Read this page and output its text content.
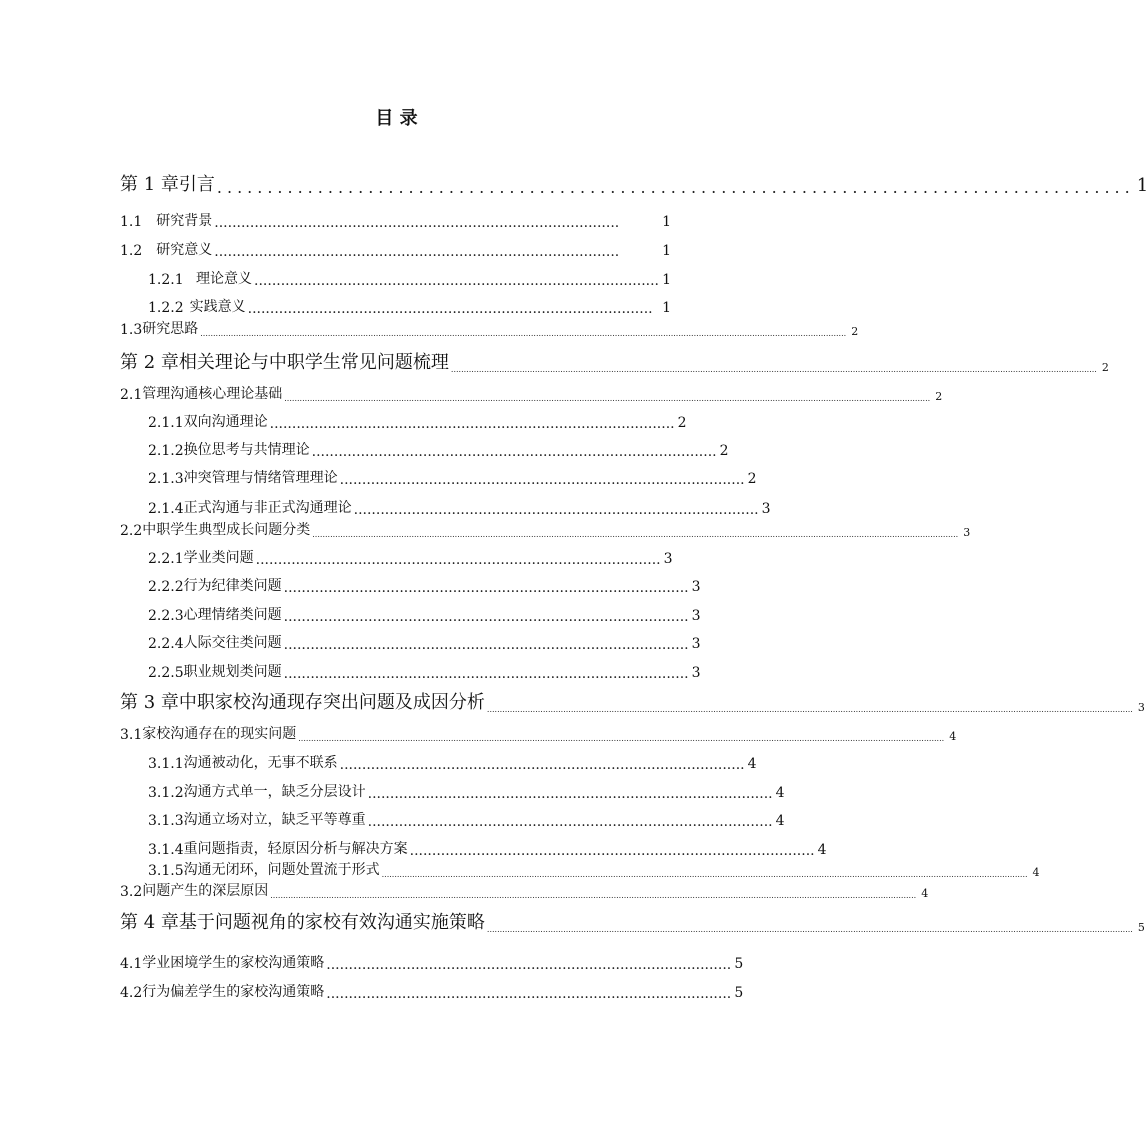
目 录
第 1 章 引言 ........................................................................................... 1
1.1 研究背景 ...........................................................................................	1
1.2 研究意义 ...........................................................................................	1
1.2.1 理论意义 ........................................................................................... 1
1.2.2 实践意义 ........................................................................................... 1
1.3 研究思路 .............................................................................................................................................................................................................................................................. 2
第 2 章 相关理论与中职学生常见问题梳理 .............................................................................................................................................................................................................................................................. 2
2.1 管理沟通核心理论基础 .............................................................................................................................................................................................................................................................. 2
2.1.1 双向沟通理论 ........................................................................................... 2
2.1.2 换位思考与共情理论 ........................................................................................... 2
2.1.3 冲突管理与情绪管理理论 ........................................................................................... 2
2.1.4 正式沟通与非正式沟通理论 ........................................................................................... 3
2.2 中职学生典型成长问题分类 .............................................................................................................................................................................................................................................................. 3
2.2.1 学业类问题 ........................................................................................... 3
2.2.2 行为纪律类问题 ........................................................................................... 3
2.2.3 心理情绪类问题 ........................................................................................... 3
2.2.4 人际交往类问题 ........................................................................................... 3
2.2.5 职业规划类问题 ........................................................................................... 3
第 3 章 中职家校沟通现存突出问题及成因分析 .............................................................................................................................................................................................................................................................. 3
3.1 家校沟通存在的现实问题 .............................................................................................................................................................................................................................................................. 4
3.1.1 沟通被动化，无事不联系 ........................................................................................... 4
3.1.2 沟通方式单一，缺乏分层设计 ........................................................................................... 4
3.1.3 沟通立场对立，缺乏平等尊重 ........................................................................................... 4
3.1.4 重问题指责，轻原因分析与解决方案 ........................................................................................... 4
3.1.5 沟通无闭环，问题处置流于形式 .............................................................................................................................................................................................................................................................. 4
3.2 问题产生的深层原因 .............................................................................................................................................................................................................................................................. 4
第 4 章 基于问题视角的家校有效沟通实施策略 .............................................................................................................................................................................................................................................................. 5
4.1 学业困境学生的家校沟通策略 ........................................................................................... 5
4.2 行为偏差学生的家校沟通策略 ........................................................................................... 5
